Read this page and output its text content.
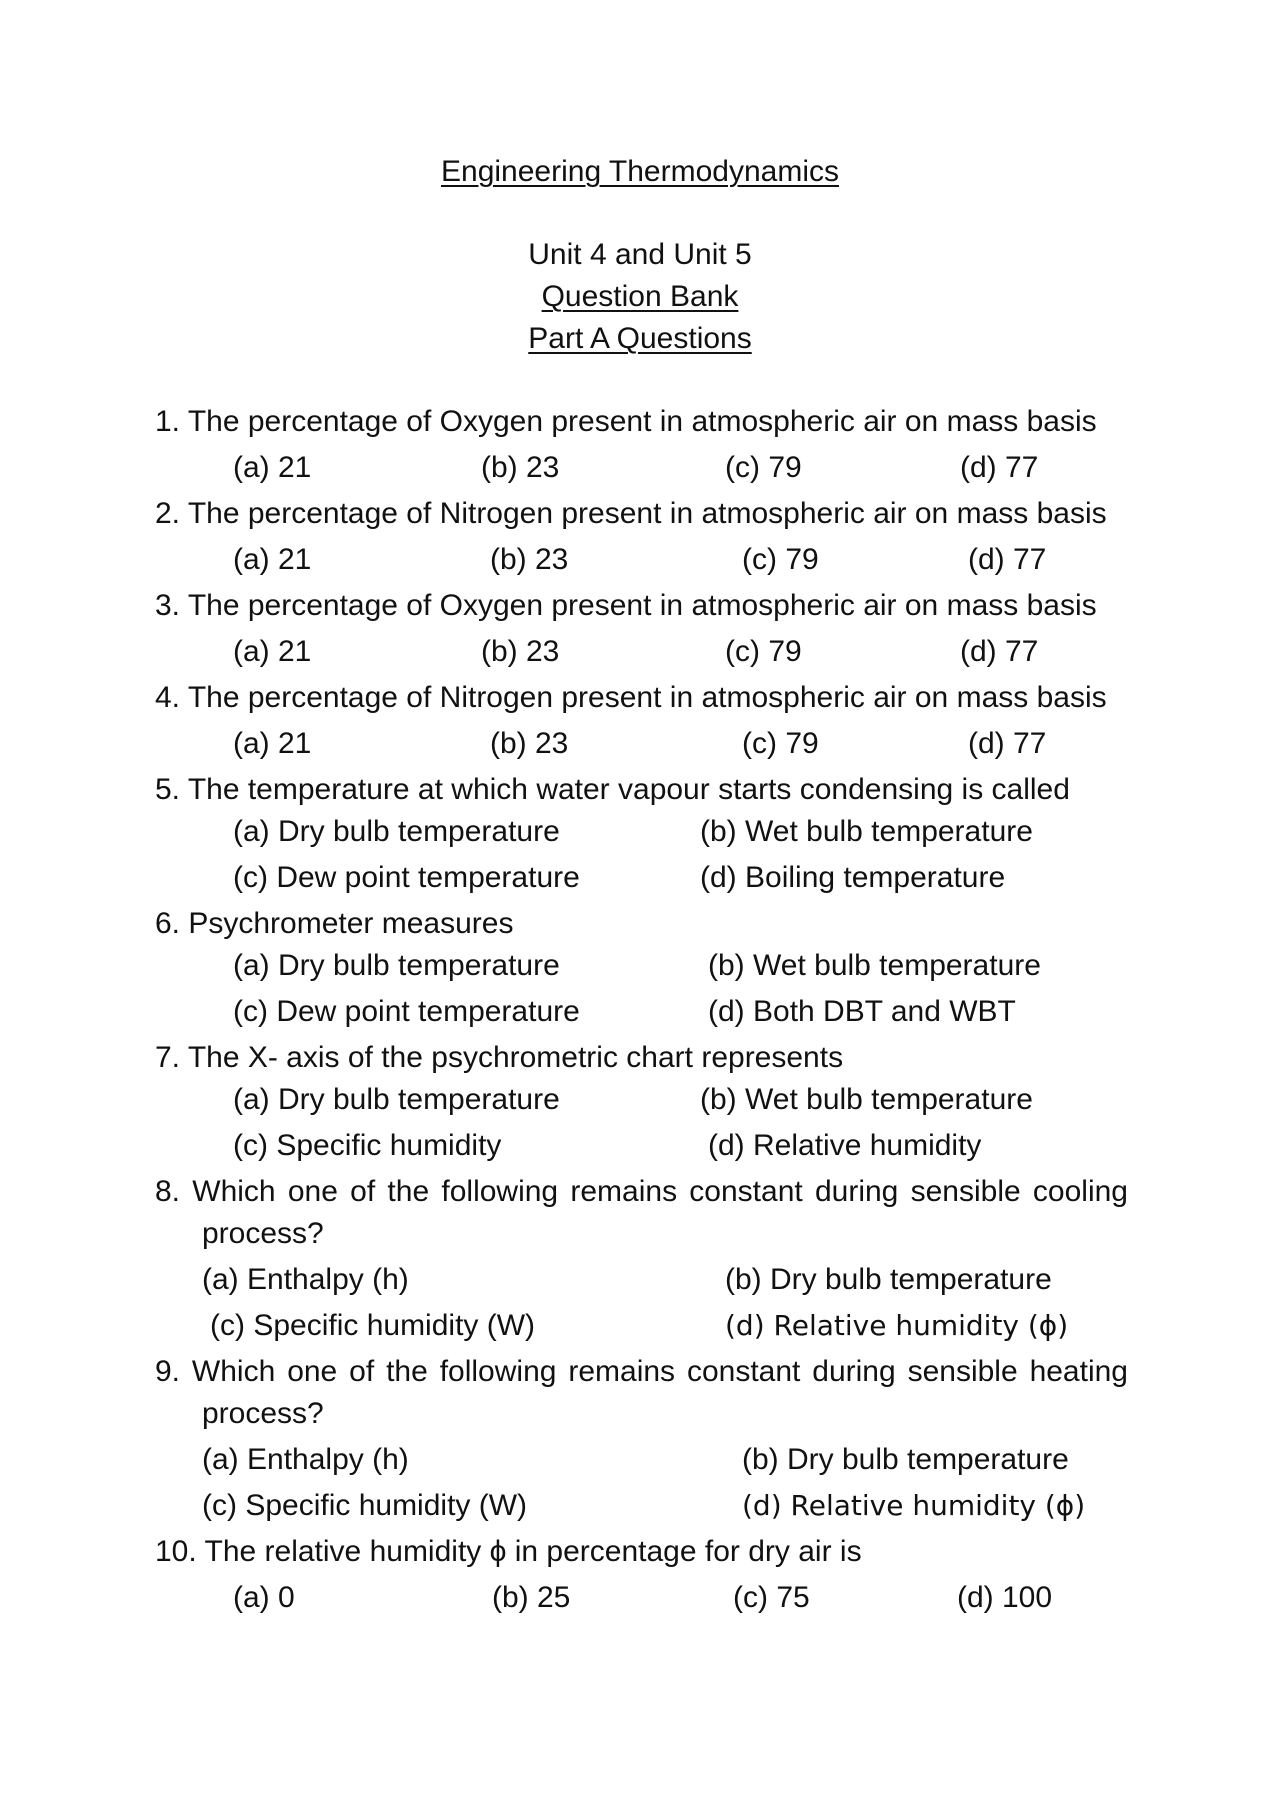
Engineering Thermodynamics
Unit 4 and Unit 5
Question Bank
Part A Questions
1. The percentage of Oxygen present in atmospheric air on mass basis
(a) 21	(b) 23	(c) 79	(d) 77
2. The percentage of Nitrogen present in atmospheric air on mass basis
(a) 21	(b) 23	(c) 79	(d) 77
3. The percentage of Oxygen present in atmospheric air on mass basis
(a) 21	(b) 23	(c) 79	(d) 77
4. The percentage of Nitrogen present in atmospheric air on mass basis
(a) 21	(b) 23	(c) 79	(d) 77
5. The temperature at which water vapour starts condensing is called
(a) Dry bulb temperature	(b) Wet bulb temperature
(c) Dew point temperature	(d) Boiling temperature
6. Psychrometer measures
(a) Dry bulb temperature	(b) Wet bulb temperature
(c) Dew point temperature	(d) Both DBT and WBT
7. The X- axis of the psychrometric chart represents
(a) Dry bulb temperature	(b) Wet bulb temperature
(c) Specific humidity	(d) Relative humidity
8. Which one of the following remains constant during sensible cooling
process?
(a) Enthalpy (h)	(b) Dry bulb temperature
(c) Specific humidity (W)	(d) Relative humidity (ϕ)
9. Which one of the following remains constant during sensible heating
process?
(a) Enthalpy (h)	(b) Dry bulb temperature
(c) Specific humidity (W)	(d) Relative humidity (ϕ)
10. The relative humidity ϕ in percentage for dry air is
(a) 0	(b) 25	(c) 75	(d) 100
